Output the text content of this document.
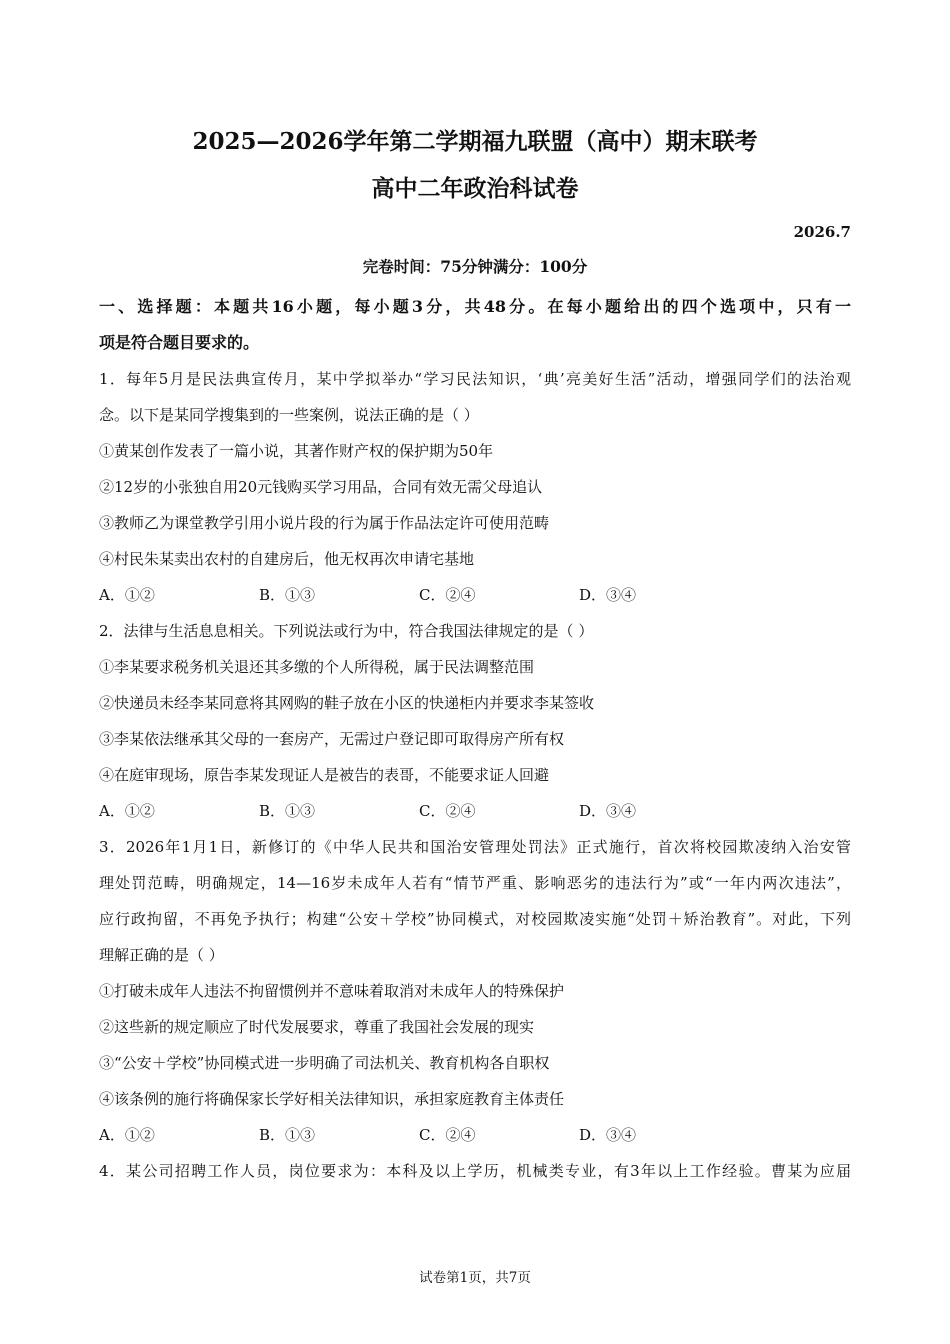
2025—2026学年第二学期福九联盟（高中）期末联考
高中二年政治科试卷
2026.7
完卷时间：75分钟满分：100分
一、选择题：本题共16小题，每小题3分，共48分。在每小题给出的四个选项中，只有一
项是符合题目要求的。
1．每年5月是民法典宣传月，某中学拟举办“学习民法知识，‘典’亮美好生活”活动，增强同学们的法治观
念。以下是某同学搜集到的一些案例，说法正确的是（ ）
①黄某创作发表了一篇小说，其著作财产权的保护期为50年
②12岁的小张独自用20元钱购买学习用品，合同有效无需父母追认
③教师乙为课堂教学引用小说片段的行为属于作品法定许可使用范畴
④村民朱某卖出农村的自建房后，他无权再次申请宅基地
A．①②	B．①③	C．②④	D．③④
2．法律与生活息息相关。下列说法或行为中，符合我国法律规定的是（ ）
①李某要求税务机关退还其多缴的个人所得税，属于民法调整范围
②快递员未经李某同意将其网购的鞋子放在小区的快递柜内并要求李某签收
③李某依法继承其父母的一套房产，无需过户登记即可取得房产所有权
④在庭审现场，原告李某发现证人是被告的表哥，不能要求证人回避
A．①②	B．①③	C．②④	D．③④
3．2026年1月1日，新修订的《中华人民共和国治安管理处罚法》正式施行，首次将校园欺凌纳入治安管
理处罚范畴，明确规定，14—16岁未成年人若有“情节严重、影响恶劣的违法行为”或“一年内两次违法”，
应行政拘留，不再免予执行；构建“公安＋学校”协同模式，对校园欺凌实施“处罚＋矫治教育”。对此，下列
理解正确的是（ ）
①打破未成年人违法不拘留惯例并不意味着取消对未成年人的特殊保护
②这些新的规定顺应了时代发展要求，尊重了我国社会发展的现实
③“公安＋学校”协同模式进一步明确了司法机关、教育机构各自职权
④该条例的施行将确保家长学好相关法律知识，承担家庭教育主体责任
A．①②	B．①③	C．②④	D．③④
4．某公司招聘工作人员，岗位要求为：本科及以上学历，机械类专业，有3年以上工作经验。曹某为应届
试卷第1页，共7页
